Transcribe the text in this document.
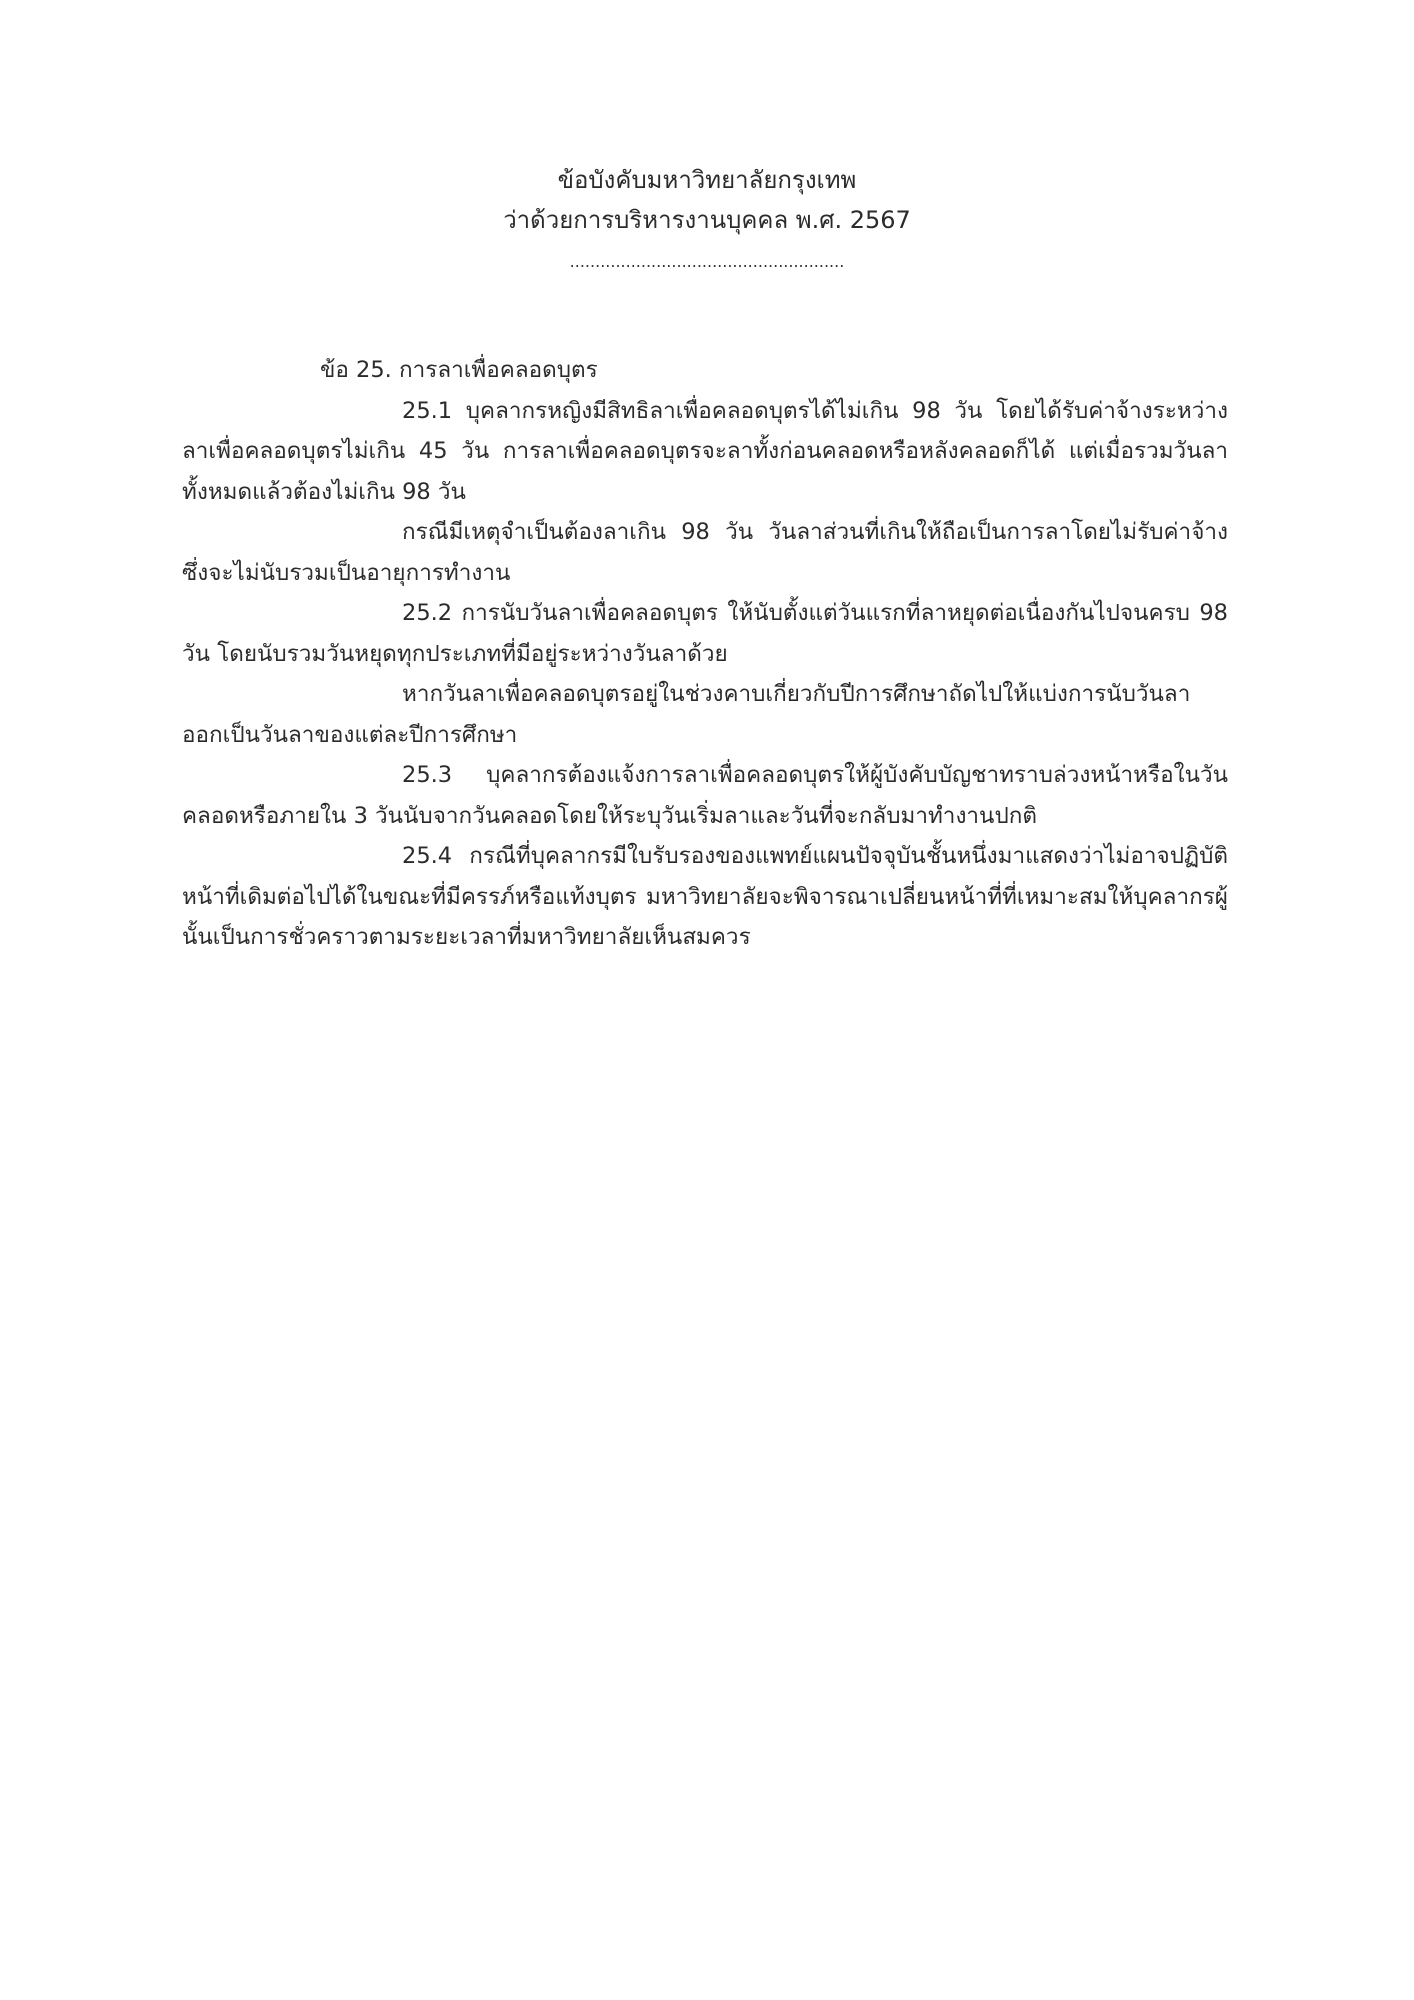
ข้อบังคับมหาวิทยาลัยกรุงเทพ
ว่าด้วยการบริหารงานบุคคล พ.ศ. 2567
......................................................

ข้อ 25. การลาเพื่อคลอดบุตร

25.1 บุคลากรหญิงมีสิทธิลาเพื่อคลอดบุตรได้ไม่เกิน 98 วัน โดยได้รับค่าจ้างระหว่างลาเพื่อคลอดบุตรไม่เกิน 45 วัน การลาเพื่อคลอดบุตรจะลาทั้งก่อนคลอดหรือหลังคลอดก็ได้ แต่เมื่อรวมวันลาทั้งหมดแล้วต้องไม่เกิน 98 วัน

กรณีมีเหตุจำเป็นต้องลาเกิน 98 วัน วันลาส่วนที่เกินให้ถือเป็นการลาโดยไม่รับค่าจ้างซึ่งจะไม่นับรวมเป็นอายุการทำงาน

25.2 การนับวันลาเพื่อคลอดบุตร ให้นับตั้งแต่วันแรกที่ลาหยุดต่อเนื่องกันไปจนครบ 98 วัน โดยนับรวมวันหยุดทุกประเภทที่มีอยู่ระหว่างวันลาด้วย

หากวันลาเพื่อคลอดบุตรอยู่ในช่วงคาบเกี่ยวกับปีการศึกษาถัดไปให้แบ่งการนับวันลาออกเป็นวันลาของแต่ละปีการศึกษา

25.3 บุคลากรต้องแจ้งการลาเพื่อคลอดบุตรให้ผู้บังคับบัญชาทราบล่วงหน้าหรือในวันคลอดหรือภายใน 3 วันนับจากวันคลอดโดยให้ระบุวันเริ่มลาและวันที่จะกลับมาทำงานปกติ

25.4 กรณีที่บุคลากรมีใบรับรองของแพทย์แผนปัจจุบันชั้นหนึ่งมาแสดงว่าไม่อาจปฏิบัติหน้าที่เดิมต่อไปได้ในขณะที่มีครรภ์หรือแท้งบุตร มหาวิทยาลัยจะพิจารณาเปลี่ยนหน้าที่ที่เหมาะสมให้บุคลากรผู้นั้นเป็นการชั่วคราวตามระยะเวลาที่มหาวิทยาลัยเห็นสมควร
